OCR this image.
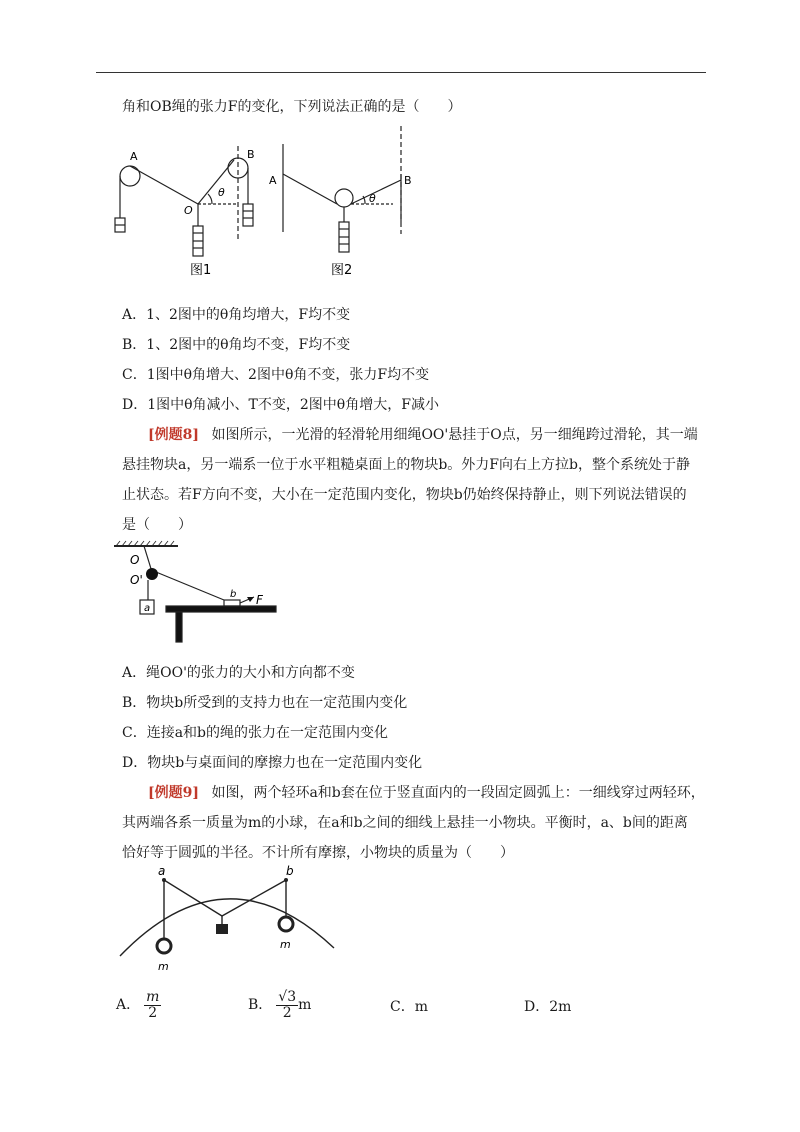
角和OB绳的张力F的变化，下列说法正确的是（　　）
A	B
O
θ
图1
A	B
θ
图2
A．1、2图中的θ角均增大，F均不变
B．1、2图中的θ角均不变，F均不变
C．1图中θ角增大、2图中θ角不变，张力F均不变
D．1图中θ角减小、T不变，2图中θ角增大，F减小
[例题8] 如图所示，一光滑的轻滑轮用细绳OO'悬挂于O点，另一细绳跨过滑轮，其一端
悬挂物块a，另一端系一位于水平粗糙桌面上的物块b。外力F向右上方拉b，整个系统处于静
止状态。若F方向不变，大小在一定范围内变化，物块b仍始终保持静止，则下列说法错误的
是（　　）
O
O'
a
b F
A．绳OO'的张力的大小和方向都不变
B．物块b所受到的支持力也在一定范围内变化
C．连接a和b的绳的张力在一定范围内变化
D．物块b与桌面间的摩擦力也在一定范围内变化
[例题9] 如图，两个轻环a和b套在位于竖直面内的一段固定圆弧上：一细线穿过两轻环，
其两端各系一质量为m的小球，在a和b之间的细线上悬挂一小物块。平衡时，a、b间的距离
恰好等于圆弧的半径。不计所有摩擦，小物块的质量为（　　）
a	b
m
m
A． $\frac{m}{2}$	B． $\frac{√3}{2}$ m	C．m	D．2m
